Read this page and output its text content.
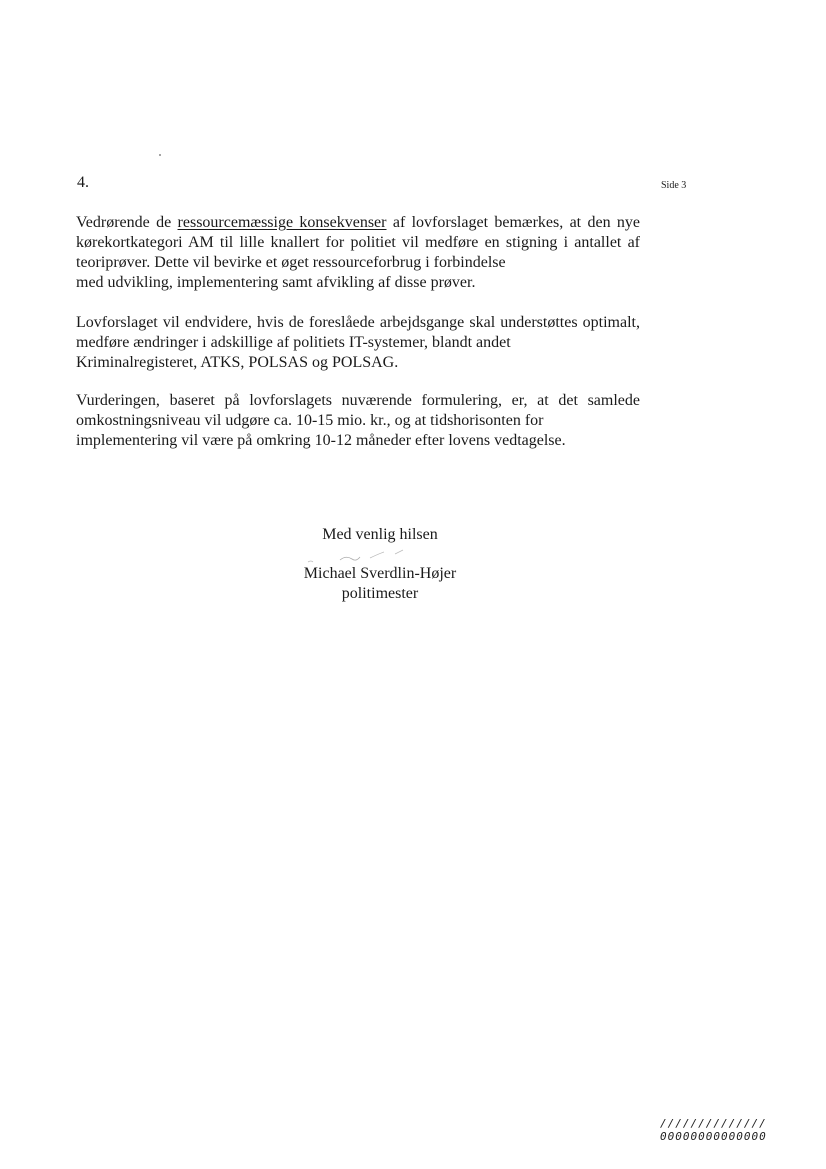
4.	Side 3

Vedrørende de ressourcemæssige konsekvenser af lovforslaget bemærkes, at den nye kørekortkategori AM til lille knallert for politiet vil medføre en stigning i antallet af teoriprøver. Dette vil bevirke et øget ressourceforbrug i forbindelse
med udvikling, implementering samt afvikling af disse prøver.

Lovforslaget vil endvidere, hvis de foreslåede arbejdsgange skal understøttes optimalt, medføre ændringer i adskillige af politiets IT-systemer, blandt andet
Kriminalregisteret, ATKS, POLSAS og POLSAG.

Vurderingen, baseret på lovforslagets nuværende formulering, er, at det samlede omkostningsniveau vil udgøre ca. 10-15 mio. kr., og at tidshorisonten for
implementering vil være på omkring 10-12 måneder efter lovens vedtagelse.

Med venlig hilsen
Michael Sverdlin-Højer
politimester
//////////////
00000000000000
